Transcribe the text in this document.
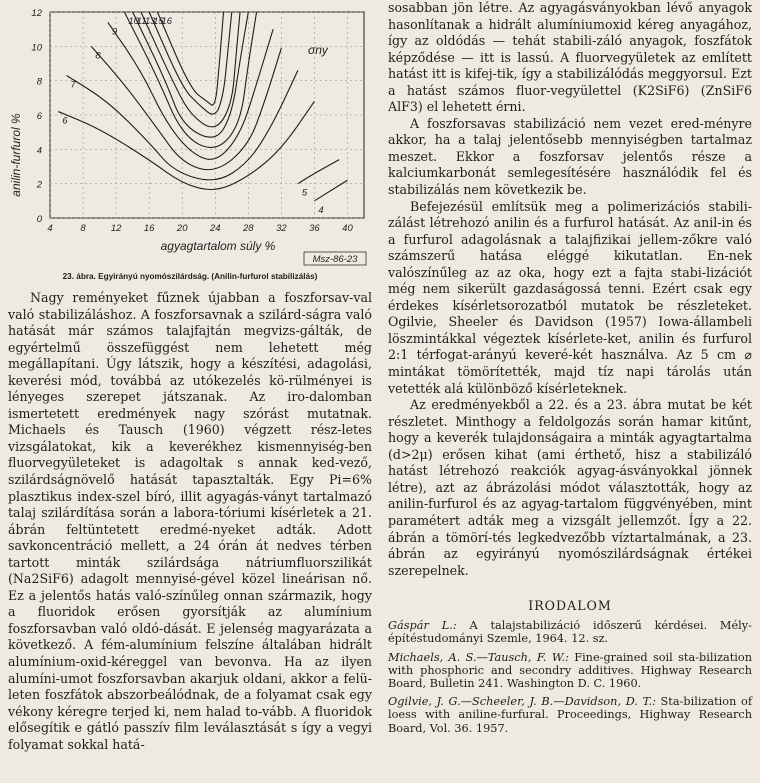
4	8	12 16 20 24 28 32 36 40
12
10
8
6
4
2
0
4
5
6
7
8
9
10
11
13
15
16
anilin-furfurol %
agyagtartalom súly %
σny
Msz-86-23
23. ábra. Egyirányú nyomószilárdság. (Anilin-furfurol stabilizálás)

Nagy reményeket fűznek újabban a foszforsav-val való stabilizáláshoz. A foszforsavnak a szilárd-ságra való hatását már számos talajfajtán megvizs-gálták, de egyértelmű összefüggést nem lehetett még megállapítani. Úgy látszik, hogy a készítési, adagolási, keverési mód, továbbá az utókezelés kö-rülményei is lényeges szerepet játszanak. Az iro-dalomban ismertetett eredmények nagy szórást mutatnak. Michaels és Tausch (1960) végzett rész-letes vizsgálatokat, kik a keverékhez kismennyiség-ben fluorvegyületeket is adagoltak s annak ked-vező, szilárdságnövelő hatását tapasztalták. Egy Pi=6% plasztikus index-szel bíró, illit agyagás-ványt tartalmazó talaj szilárdítása során a labora-tóriumi kísérletek a 21. ábrán feltüntetett eredmé-nyeket adták. Adott savkoncentráció mellett, a 24 órán át nedves térben tartott minták szilárdsága nátriumfluorszilikát (Na2SiF6) adagolt mennyisé-gével közel lineárisan nő. Ez a jelentős hatás való-színűleg onnan származik, hogy a fluoridok erősen gyorsítják az alumínium foszforsavban való oldó-dását. E jelenség magyarázata a következő. A fém-alumínium felszíne általában hidrált alumínium-oxid-kéreggel van bevonva. Ha az ilyen alumíni-umot foszforsavban akarjuk oldani, akkor a felü-leten foszfátok abszorbeálódnak, de a folyamat csak egy vékony kéregre terjed ki, nem halad to-vább. A fluoridok elősegítik e gátló passzív film leválasztását s így a vegyi folyamat sokkal hatá-

sosabban jön létre. Az agyagásványokban lévő anyagok hasonlítanak a hidrált alumíniumoxid kéreg anyagához, így az oldódás — tehát stabili-záló anyagok, foszfátok képződése — itt is lassú. A fluorvegyületek az említett hatást itt is kifej-tik, így a stabilizálódás meggyorsul. Ezt a hatást számos fluor-vegyülettel (K2SiF6) (ZnSiF6 AlF3) el lehetett érni.

A foszforsavas stabilizáció nem vezet ered-ményre akkor, ha a talaj jelentősebb mennyiségben tartalmaz meszet. Ekkor a foszforsav jelentős része a kalciumkarbonát semlegesítésére használódik fel és stabilizálás nem következik be.

Befejezésül említsük meg a polimerizációs stabili-zálást létrehozó anilin és a furfurol hatását. Az anil-in és a furfurol adagolásnak a talajfizikai jellem-zőkre való számszerű hatása eléggé kikutatlan. En-nek valószínűleg az az oka, hogy ezt a fajta stabi-lizációt még nem sikerült gazdaságossá tenni. Ezért csak egy érdekes kísérletsorozatból mutatok be részleteket. Ogilvie, Sheeler és Davidson (1957) Iowa-állambeli löszmintákkal végeztek kísérlete-ket, anilin és furfurol 2:1 térfogat-arányú keveré-két használva. Az 5 cm ⌀ mintákat tömörítették, majd tíz napi tárolás után vetették alá különböző kísérleteknek.

Az eredményekből a 22. és a 23. ábra mutat be két részletet. Minthogy a feldolgozás során hamar kitűnt, hogy a keverék tulajdonságaira a minták agyagtartalma (d>2μ) erősen kihat (ami érthető, hisz a stabilizáló hatást létrehozó reakciók agyag-ásványokkal jönnek létre), azt az ábrázolási módot választották, hogy az anilin-furfurol és az agyag-tartalom függvényében, mint paramétert adták meg a vizsgált jellemzőt. Így a 22. ábrán a tömörí-tés legkedvezőbb víztartalmának, a 23. ábrán az egyirányú nyomószilárdságnak értékei szerepelnek.

IRODALOM
Gáspár L.: A talajstabilizáció időszerű kérdései. Mély-építéstudományi Szemle, 1964. 12. sz.
Michaels, A. S.—Tausch, F. W.: Fine-grained soil sta-bilization with phosphoric and secondry additives. Highway Research Board, Bulletin 241. Washington D. C. 1960.
Ogilvie, J. G.—Scheeler, J. B.—Davidson, D. T.: Sta-bilization of loess with aniline-furfural. Proceedings, Highway Research Board, Vol. 36. 1957.
